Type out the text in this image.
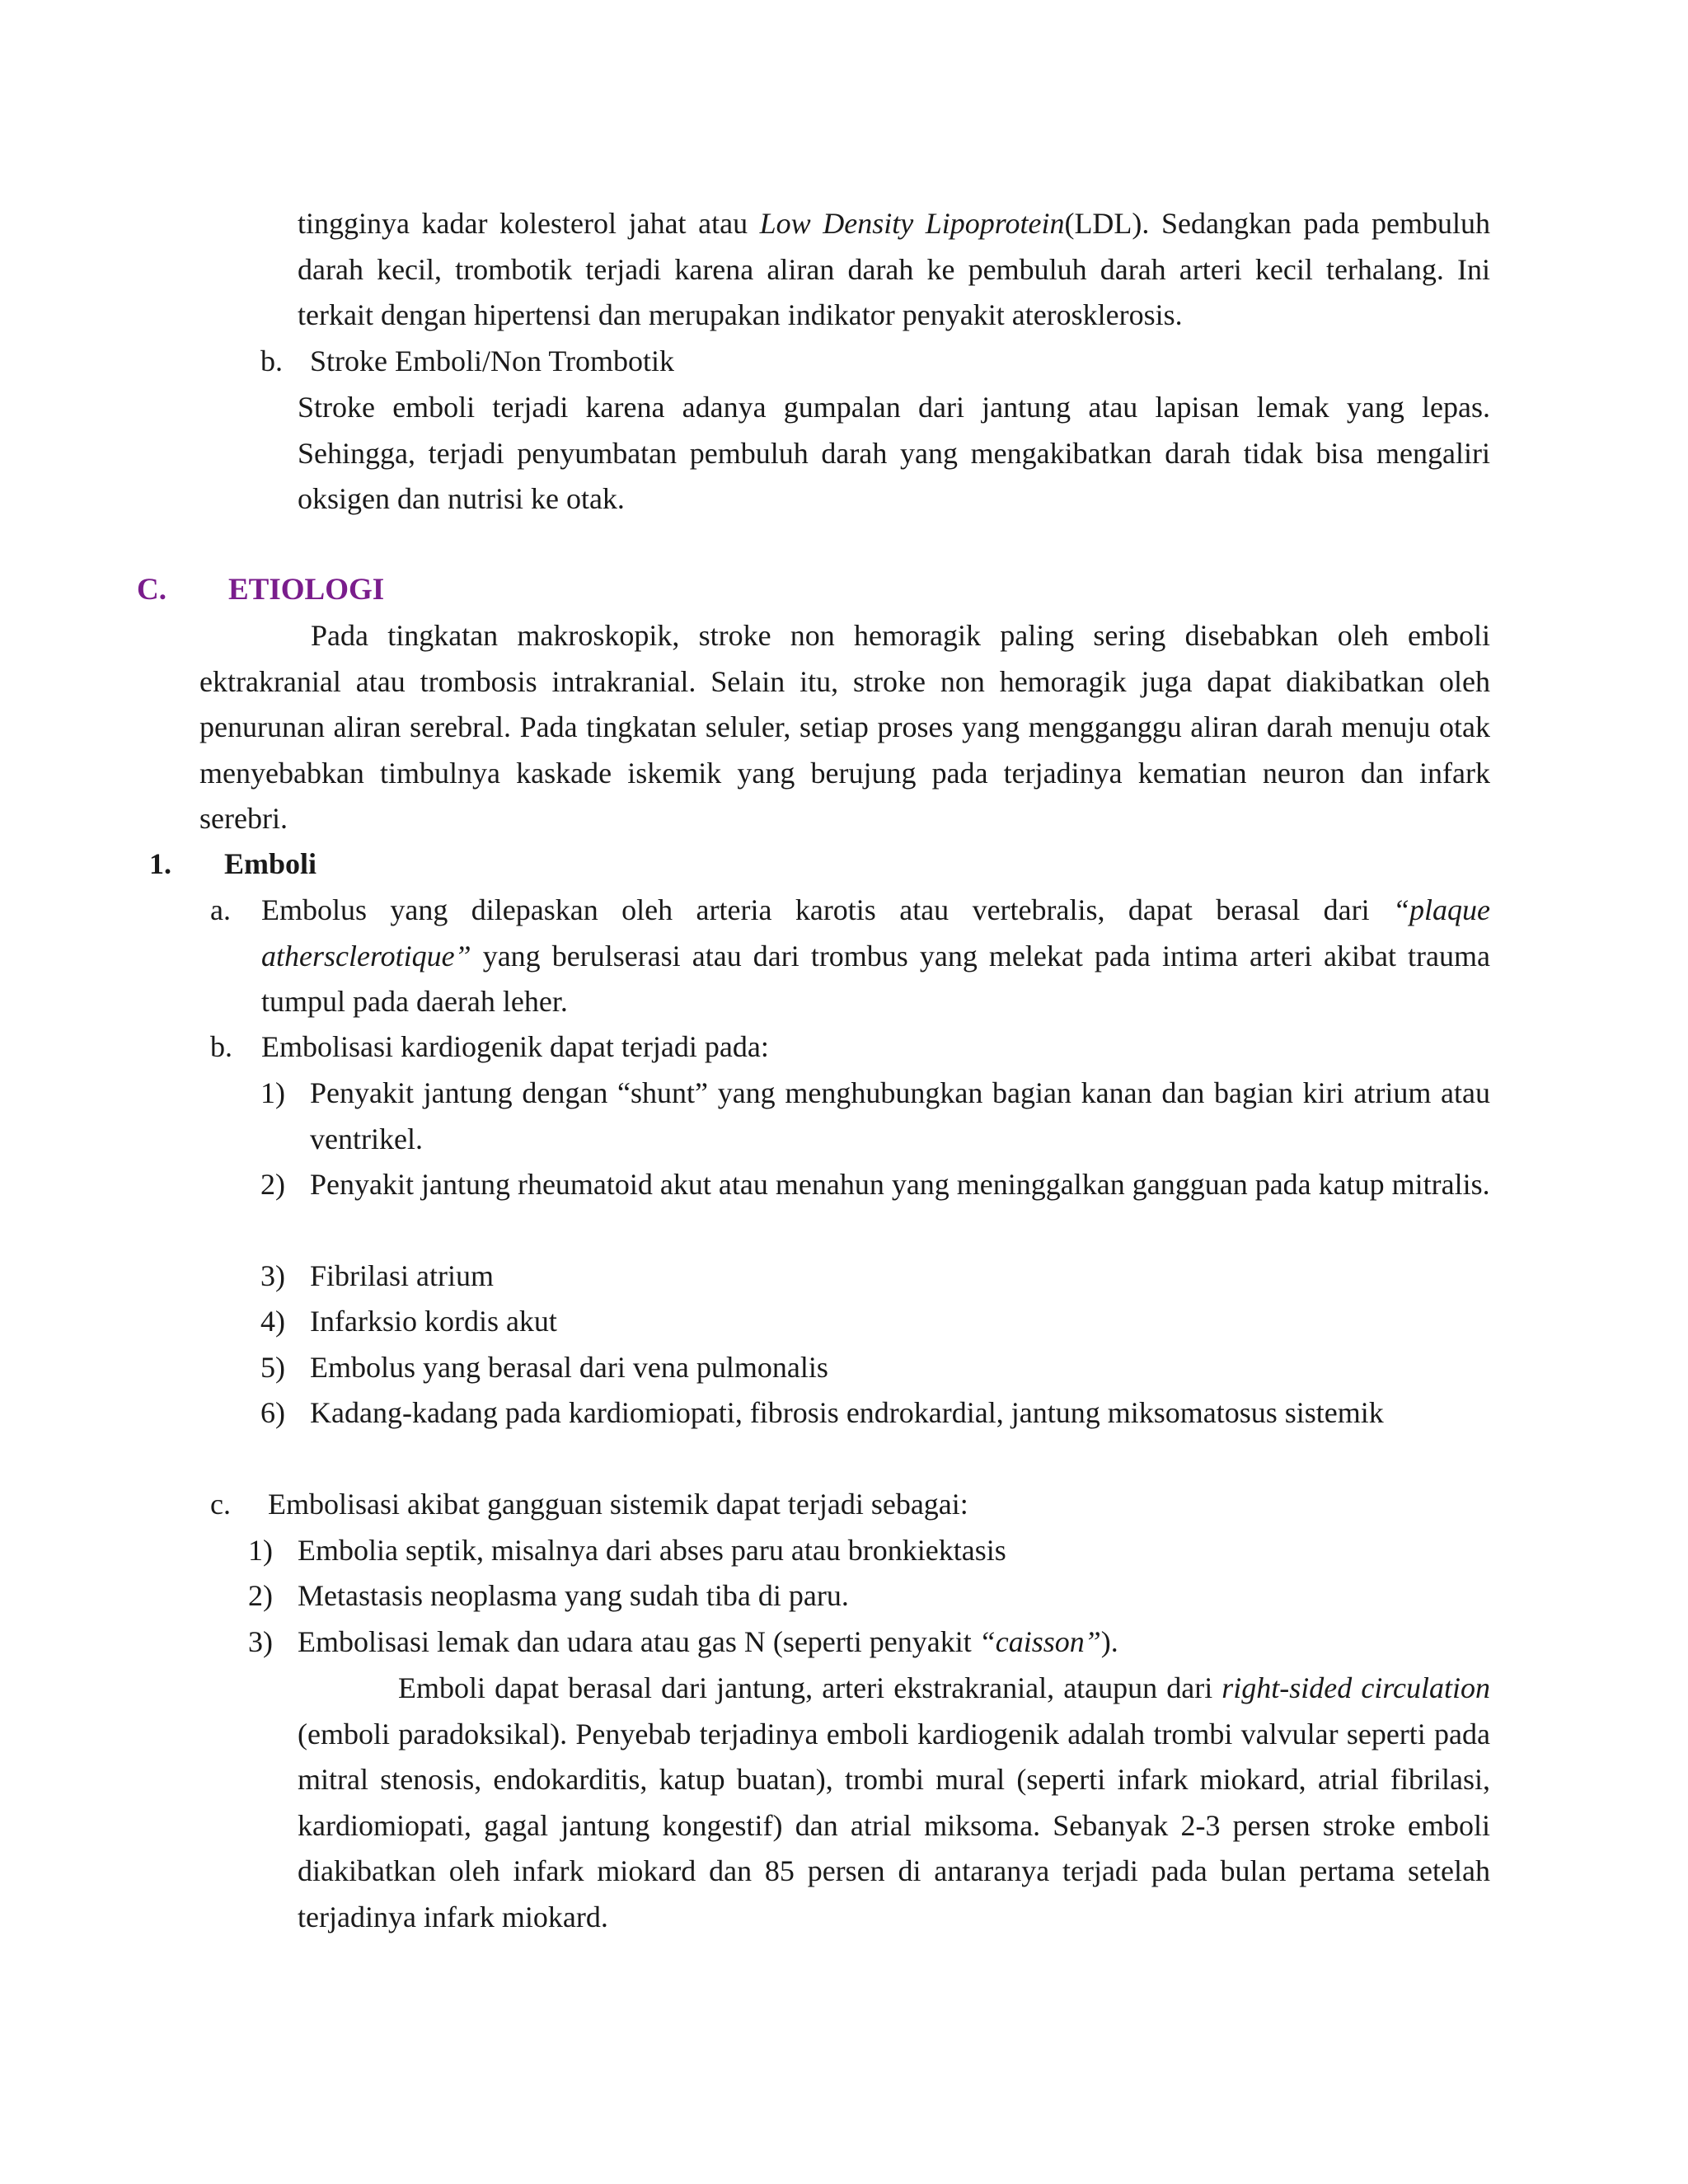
tingginya kadar kolesterol jahat atau Low Density Lipoprotein(LDL). Sedangkan pada pembuluh darah kecil, trombotik terjadi karena aliran darah ke pembuluh darah arteri kecil terhalang. Ini terkait dengan hipertensi dan merupakan indikator penyakit aterosklerosis.

b. Stroke Emboli/Non Trombotik

Stroke emboli terjadi karena adanya gumpalan dari jantung atau lapisan lemak yang lepas. Sehingga, terjadi penyumbatan pembuluh darah yang mengakibatkan darah tidak bisa mengaliri oksigen dan nutrisi ke otak.

C. ETIOLOGI

Pada tingkatan makroskopik, stroke non hemoragik paling sering disebabkan oleh emboli ektrakranial atau trombosis intrakranial. Selain itu, stroke non hemoragik juga dapat diakibatkan oleh penurunan aliran serebral. Pada tingkatan seluler, setiap proses yang mengganggu aliran darah menuju otak menyebabkan timbulnya kaskade iskemik yang berujung pada terjadinya kematian neuron dan infark serebri.

1. Emboli
a. Embolus yang dilepaskan oleh arteria karotis atau vertebralis, dapat berasal dari “plaque athersclerotique” yang berulserasi atau dari trombus yang melekat pada intima arteri akibat trauma tumpul pada daerah leher.

b. Embolisasi kardiogenik dapat terjadi pada:
1) Penyakit jantung dengan “shunt” yang menghubungkan bagian kanan dan bagian kiri atrium atau ventrikel.

2) Penyakit jantung rheumatoid akut atau menahun yang meninggalkan gangguan pada katup mitralis.

3) Fibrilasi atrium
4) Infarksio kordis akut
5) Embolus yang berasal dari vena pulmonalis
6) Kadang-kadang pada kardiomiopati, fibrosis endrokardial, jantung miksomatosus sistemik

c. Embolisasi akibat gangguan sistemik dapat terjadi sebagai:
1) Embolia septik, misalnya dari abses paru atau bronkiektasis
2) Metastasis neoplasma yang sudah tiba di paru.
3) Embolisasi lemak dan udara atau gas N (seperti penyakit “caisson”).

Emboli dapat berasal dari jantung, arteri ekstrakranial, ataupun dari right-sided circulation (emboli paradoksikal). Penyebab terjadinya emboli kardiogenik adalah trombi valvular seperti pada mitral stenosis, endokarditis, katup buatan), trombi mural (seperti infark miokard, atrial fibrilasi, kardiomiopati, gagal jantung kongestif) dan atrial miksoma. Sebanyak 2-3 persen stroke emboli diakibatkan oleh infark miokard dan 85 persen di antaranya terjadi pada bulan pertama setelah terjadinya infark miokard.
